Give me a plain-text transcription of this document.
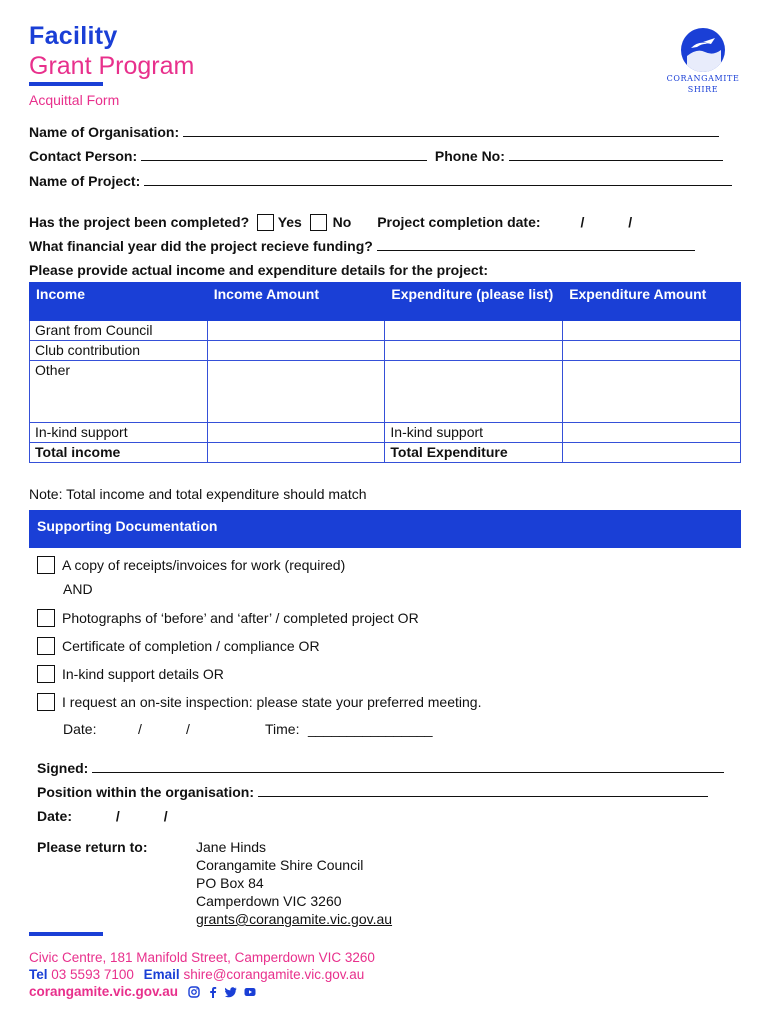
Facility
Grant Program
Acquittal Form
CORANGAMITE
SHIRE
Name of Organisation:
Contact Person:	Phone No:
Name of Project:
Has the project been completed? Yes No Project completion date:	/	/
What financial year did the project recieve funding?
Please provide actual income and expenditure details for the project:
Income	Income Amount	Expenditure (please list)	Expenditure Amount
Grant from Council			
Club contribution			
Other			
In-kind support		In-kind support	
Total income		Total Expenditure	
Note: Total income and total expenditure should match
Supporting Documentation
A copy of receipts/invoices for work (required)
AND
Photographs of ‘before’ and ‘after’ / completed project OR
Certificate of completion / compliance OR
In-kind support details OR
I request an on-site inspection: please state your preferred meeting.
Date:	/	/	Time: ________________
Signed:
Position within the organisation:
Date:	/	/
Please return to:	Jane Hinds
Corangamite Shire Council
PO Box 84
Camperdown VIC 3260
grants@corangamite.vic.gov.au
Civic Centre, 181 Manifold Street, Camperdown VIC 3260
Tel 03 5593 7100 Email shire@corangamite.vic.gov.au
corangamite.vic.gov.au
